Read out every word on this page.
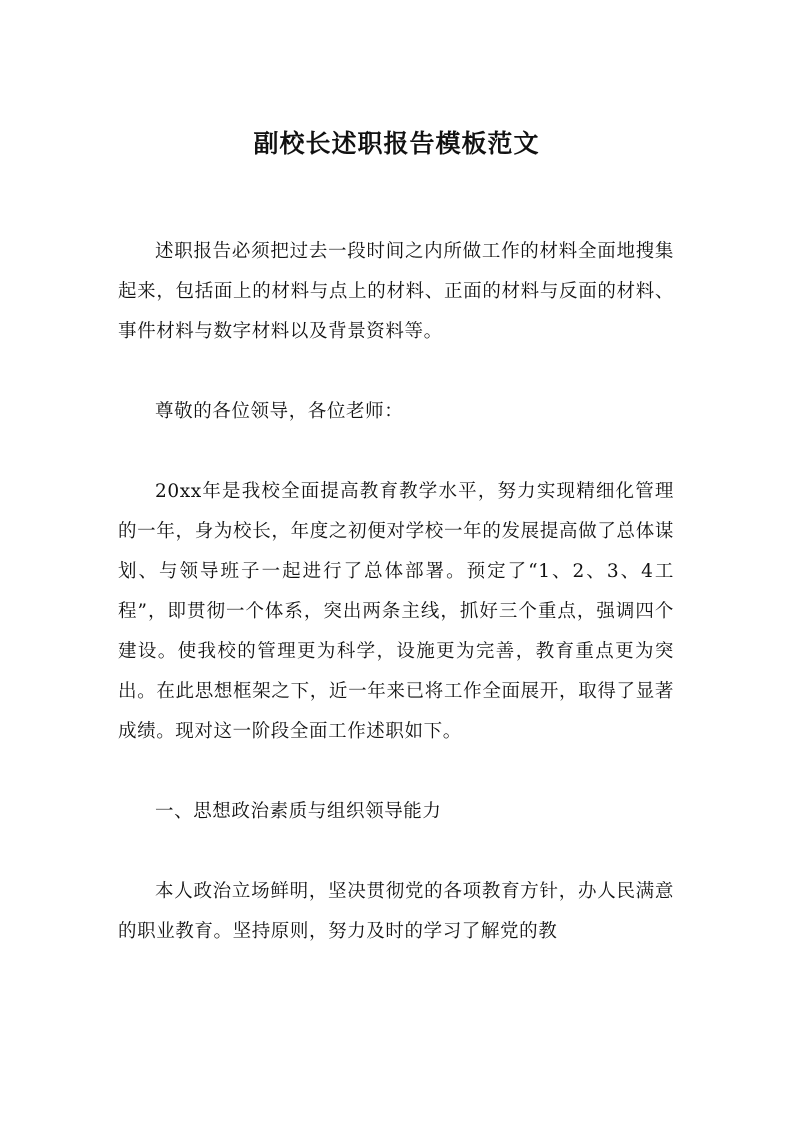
副校长述职报告模板范文

述职报告必须把过去一段时间之内所做工作的材料全面地搜集起来，包括面上的材料与点上的材料、正面的材料与反面的材料、事件材料与数字材料以及背景资料等。

尊敬的各位领导，各位老师：

20xx年是我校全面提高教育教学水平，努力实现精细化管理的一年，身为校长，年度之初便对学校一年的发展提高做了总体谋划、与领导班子一起进行了总体部署。预定了“1、2、3、4工程”，即贯彻一个体系，突出两条主线，抓好三个重点，强调四个建设。使我校的管理更为科学，设施更为完善，教育重点更为突出。在此思想框架之下，近一年来已将工作全面展开，取得了显著成绩。现对这一阶段全面工作述职如下。

一、思想政治素质与组织领导能力

本人政治立场鲜明，坚决贯彻党的各项教育方针，办人民满意的职业教育。坚持原则，努力及时的学习了解党的教
